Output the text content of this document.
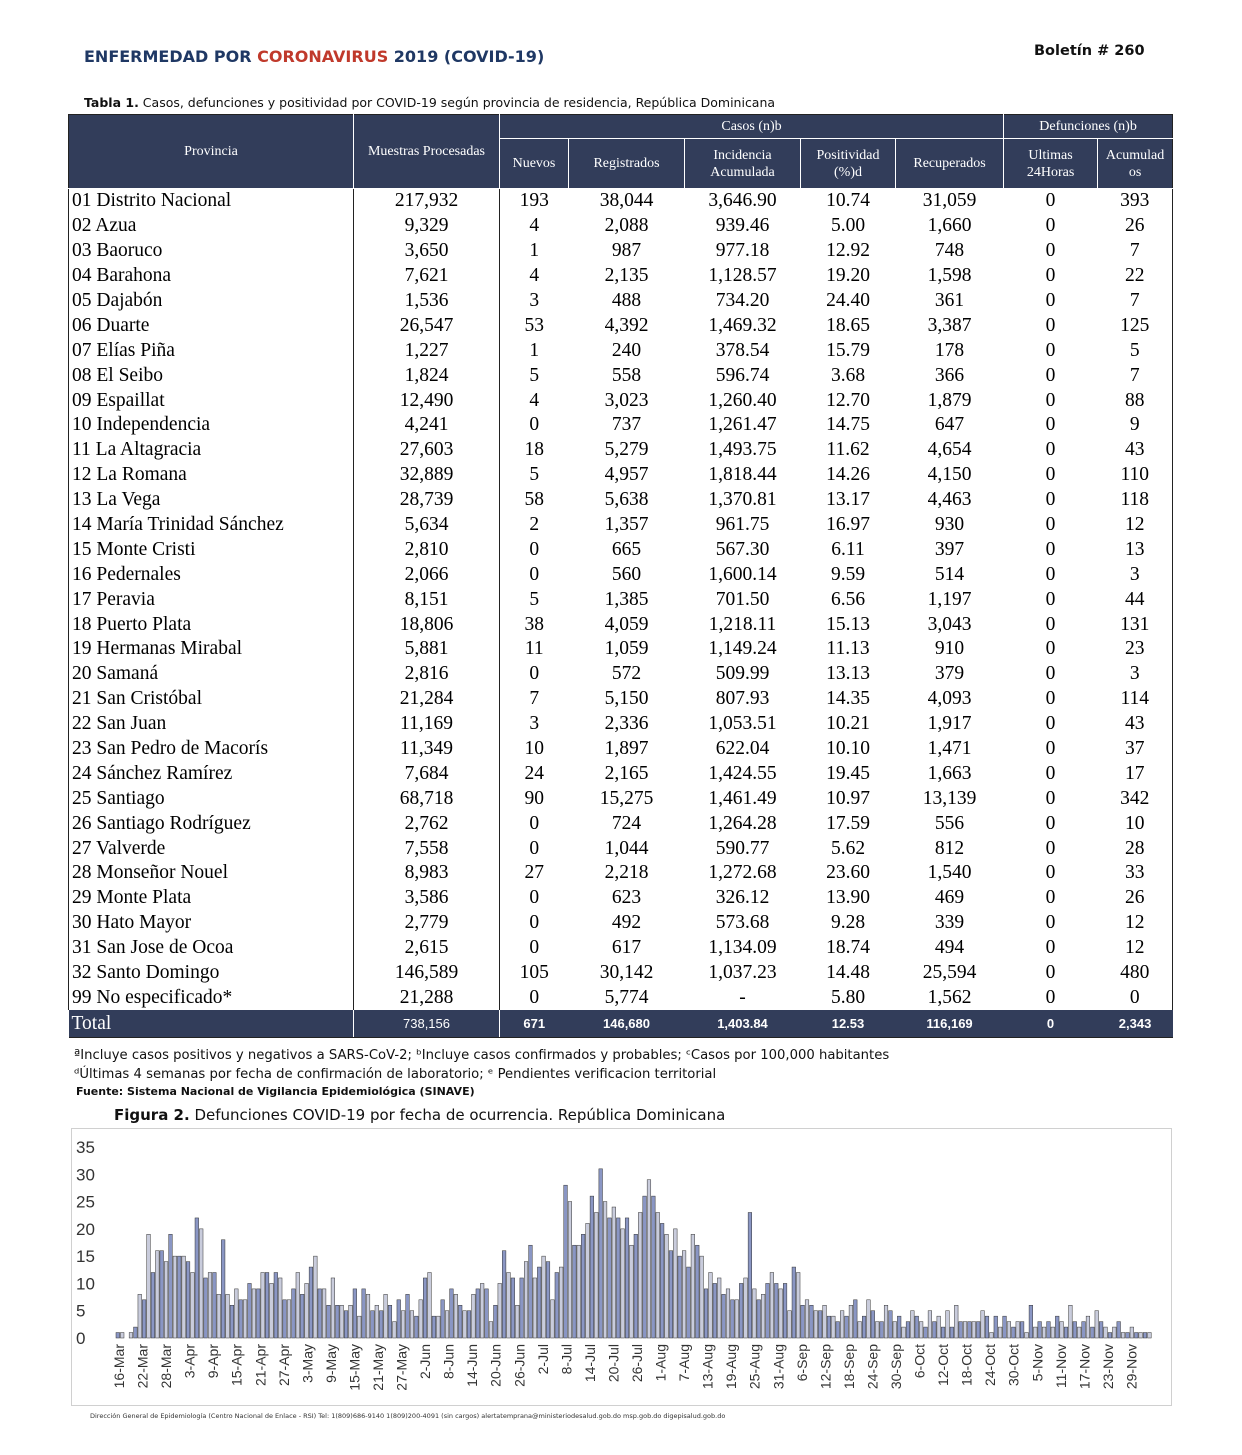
ENFERMEDAD POR CORONAVIRUS 2019 (COVID-19)	Boletín # 260
Tabla 1. Casos, defunciones y positividad por COVID-19 según provincia de residencia, República Dominicana
Provincia	Muestras Procesadas	Casos (n)b					Defunciones (n)b	
		Nuevos	Registrados	Incidencia Acumulada	Positividad (%)d	Recuperados	Ultimas 24Horas	Acumulad os
01 Distrito Nacional	217,932	193	38,044	3,646.90	10.74	31,059	0	393
02 Azua	9,329	4	2,088	939.46	5.00	1,660	0	26
03 Baoruco	3,650	1	987	977.18	12.92	748	0	7
04 Barahona	7,621	4	2,135	1,128.57	19.20	1,598	0	22
05 Dajabón	1,536	3	488	734.20	24.40	361	0	7
06 Duarte	26,547	53	4,392	1,469.32	18.65	3,387	0	125
07 Elías Piña	1,227	1	240	378.54	15.79	178	0	5
08 El Seibo	1,824	5	558	596.74	3.68	366	0	7
09 Espaillat	12,490	4	3,023	1,260.40	12.70	1,879	0	88
10 Independencia	4,241	0	737	1,261.47	14.75	647	0	9
11 La Altagracia	27,603	18	5,279	1,493.75	11.62	4,654	0	43
12 La Romana	32,889	5	4,957	1,818.44	14.26	4,150	0	110
13 La Vega	28,739	58	5,638	1,370.81	13.17	4,463	0	118
14 María Trinidad Sánchez	5,634	2	1,357	961.75	16.97	930	0	12
15 Monte Cristi	2,810	0	665	567.30	6.11	397	0	13
16 Pedernales	2,066	0	560	1,600.14	9.59	514	0	3
17 Peravia	8,151	5	1,385	701.50	6.56	1,197	0	44
18 Puerto Plata	18,806	38	4,059	1,218.11	15.13	3,043	0	131
19 Hermanas Mirabal	5,881	11	1,059	1,149.24	11.13	910	0	23
20 Samaná	2,816	0	572	509.99	13.13	379	0	3
21 San Cristóbal	21,284	7	5,150	807.93	14.35	4,093	0	114
22 San Juan	11,169	3	2,336	1,053.51	10.21	1,917	0	43
23 San Pedro de Macorís	11,349	10	1,897	622.04	10.10	1,471	0	37
24 Sánchez Ramírez	7,684	24	2,165	1,424.55	19.45	1,663	0	17
25 Santiago	68,718	90	15,275	1,461.49	10.97	13,139	0	342
26 Santiago Rodríguez	2,762	0	724	1,264.28	17.59	556	0	10
27 Valverde	7,558	0	1,044	590.77	5.62	812	0	28
28 Monseñor Nouel	8,983	27	2,218	1,272.68	23.60	1,540	0	33
29 Monte Plata	3,586	0	623	326.12	13.90	469	0	26
30 Hato Mayor	2,779	0	492	573.68	9.28	339	0	12
31 San Jose de Ocoa	2,615	0	617	1,134.09	18.74	494	0	12
32 Santo Domingo	146,589	105	30,142	1,037.23	14.48	25,594	0	480
99 No especificado*	21,288	0	5,774	-	5.80	1,562	0	0
Total	738,156	671	146,680	1,403.84	12.53	116,169	0	2,343
ªIncluye casos positivos y negativos a SARS-CoV-2; ᵇIncluye casos confirmados y probables; ᶜCasos por 100,000 habitantes
ᵈÚltimas 4 semanas por fecha de confirmación de laboratorio; ᵉ Pendientes verificacion territorial
Fuente: Sistema Nacional de Vigilancia Epidemiológica (SINAVE)
Figura 2. Defunciones COVID-19 por fecha de ocurrencia. República Dominicana
0
5
10
15
20
25
30
35
16-Mar 22-Mar 28-Mar 3-Apr 9-Apr 15-Apr 21-Apr 27-Apr 3-May 9-May 15-May 21-May 27-May 2-Jun 8-Jun 14-Jun 20-Jun 26-Jun 2-Jul 8-Jul 14-Jul 20-Jul 26-Jul 1-Aug 7-Aug 13-Aug 19-Aug 25-Aug 31-Aug 6-Sep 12-Sep 18-Sep 24-Sep 30-Sep 6-Oct 12-Oct 18-Oct 24-Oct 30-Oct 5-Nov 11-Nov 17-Nov 23-Nov 29-Nov
Dirección General de Epidemiología (Centro Nacional de Enlace - RSI) Tel: 1(809)686-9140 1(809)200-4091 (sin cargos) alertatemprana@ministeriodesalud.gob.do msp.gob.do digepisalud.gob.do
